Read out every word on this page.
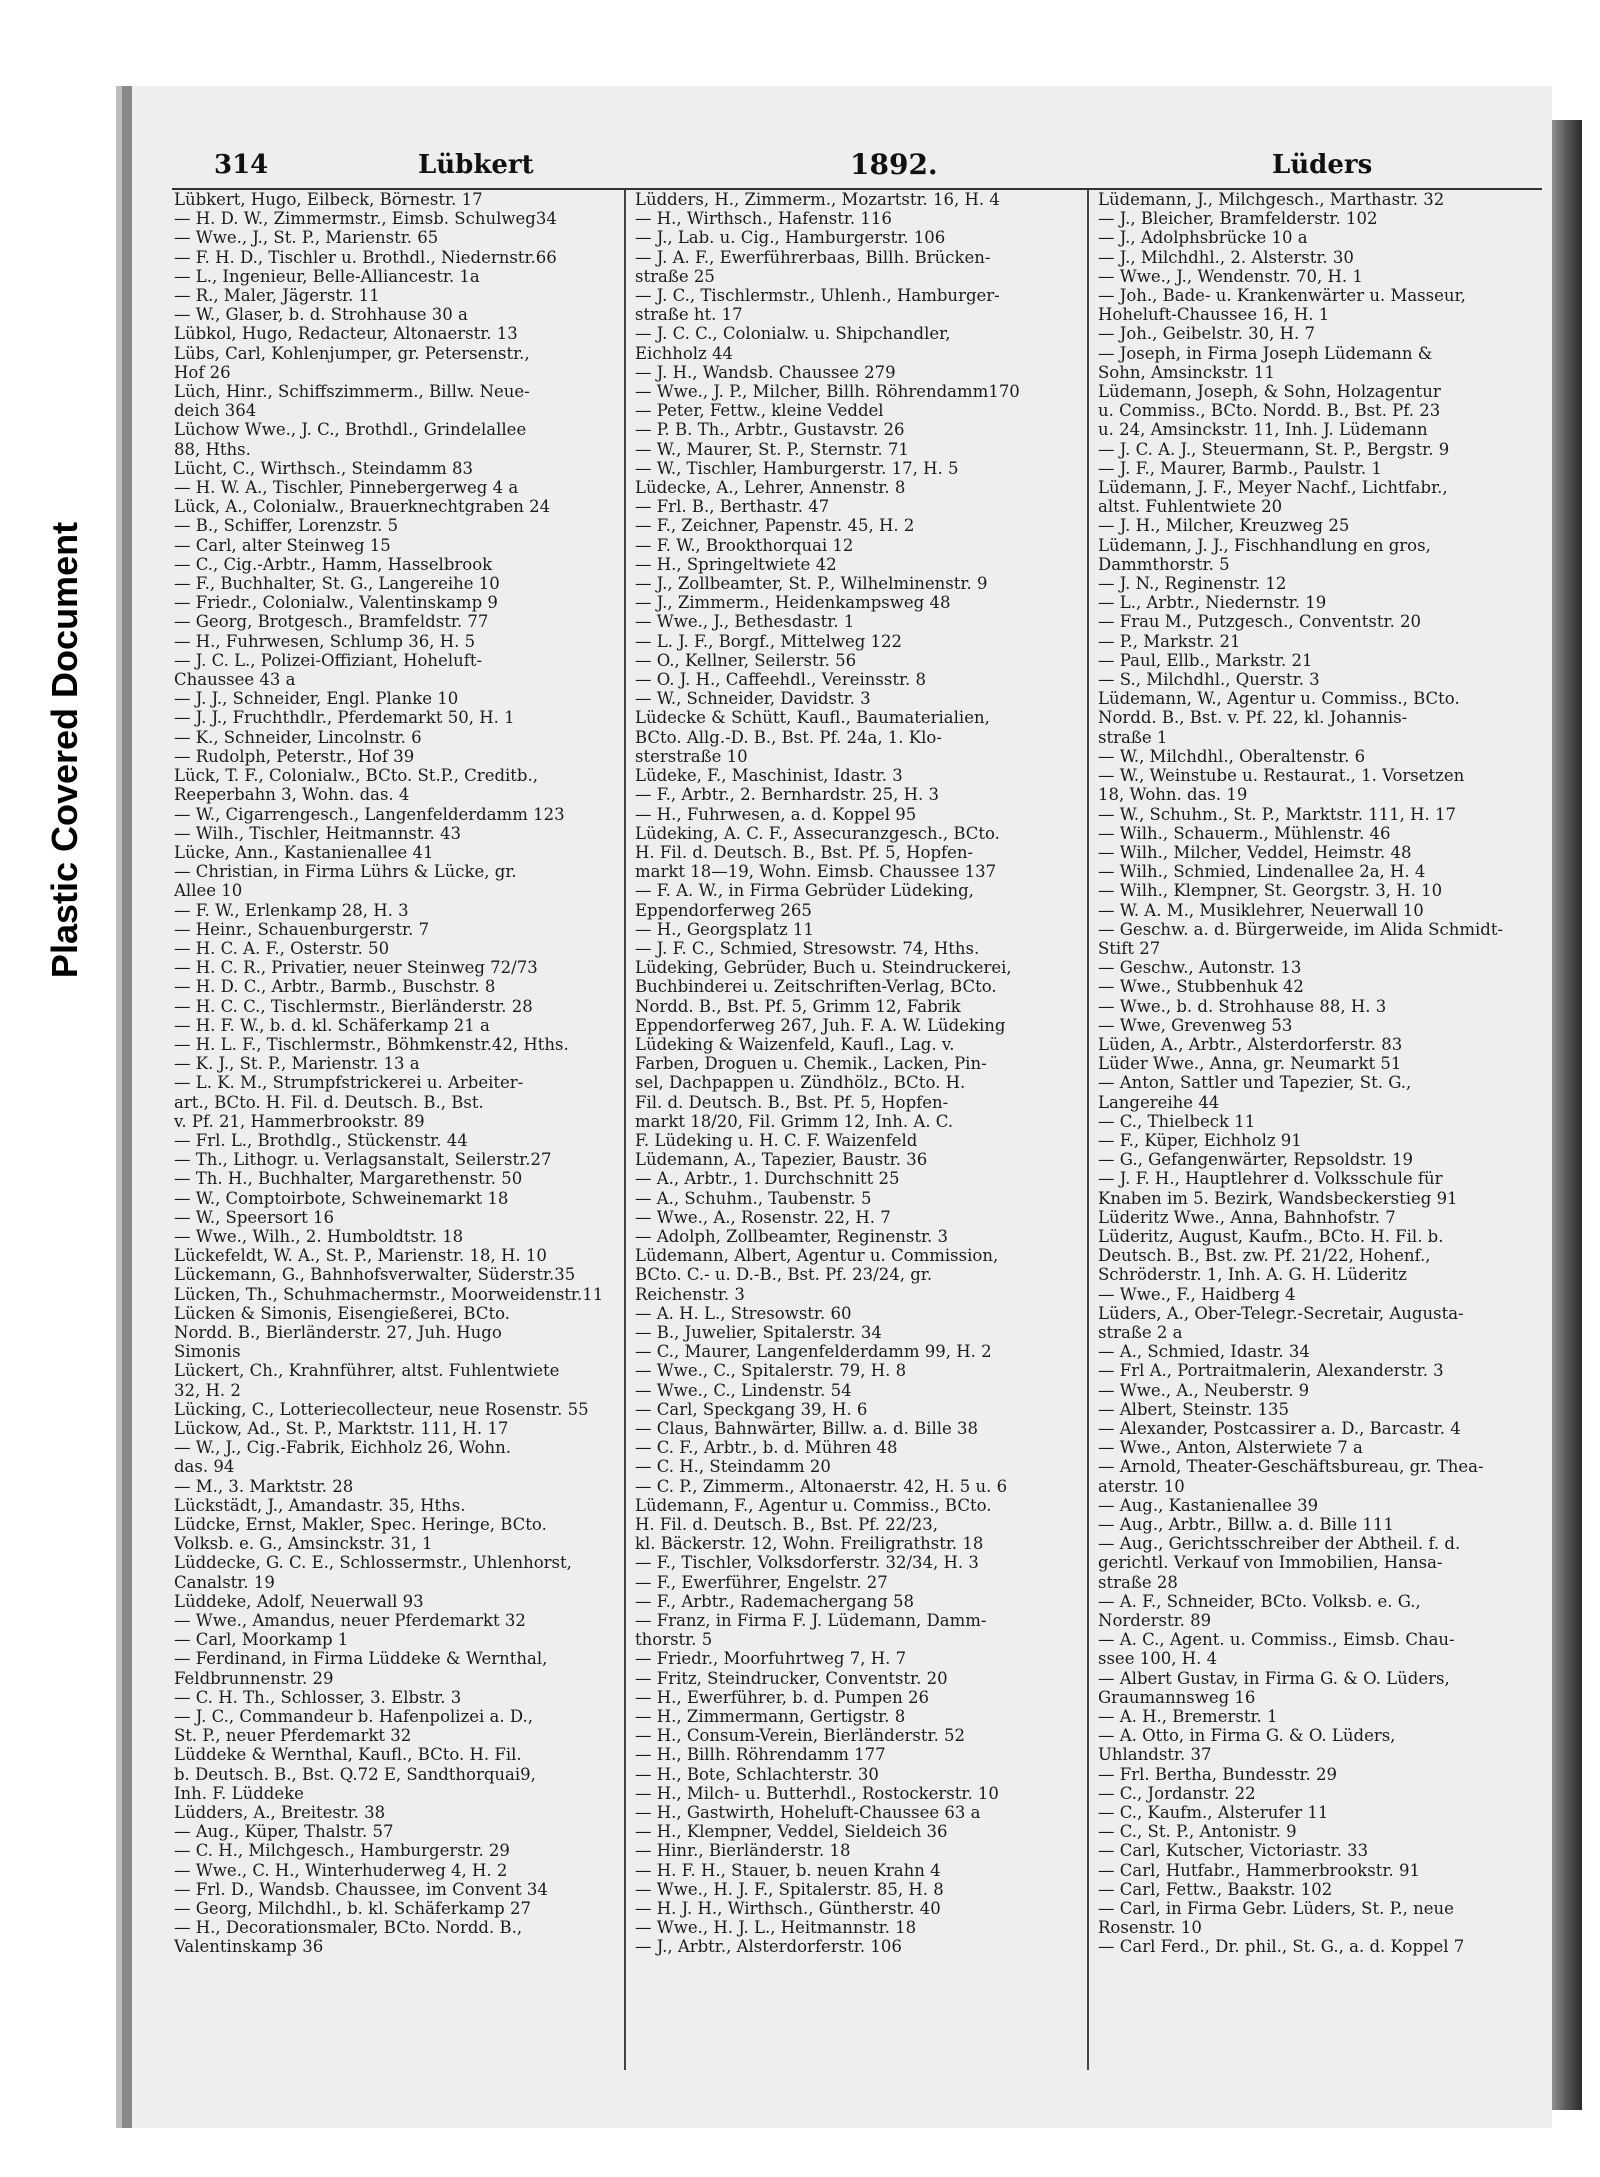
Plastic Covered Document
314	Lübkert	1892.	Lüders
Lübkert, Hugo, Eilbeck, Börnestr. 17
— H. D. W., Zimmermstr., Eimsb. Schulweg34
— Wwe., J., St. P., Marienstr. 65
— F. H. D., Tischler u. Brothdl., Niedernstr.66
— L., Ingenieur, Belle-Alliancestr. 1a
— R., Maler, Jägerstr. 11
— W., Glaser, b. d. Strohhause 30 a
Lübkol, Hugo, Redacteur, Altonaerstr. 13
Lübs, Carl, Kohlenjumper, gr. Petersenstr.,
Hof 26
Lüch, Hinr., Schiffszimmerm., Billw. Neue-
deich 364
Lüchow Wwe., J. C., Brothdl., Grindelallee
88, Hths.
Lücht, C., Wirthsch., Steindamm 83
— H. W. A., Tischler, Pinnebergerweg 4 a
Lück, A., Colonialw., Brauerknechtgraben 24
— B., Schiffer, Lorenzstr. 5
— Carl, alter Steinweg 15
— C., Cig.-Arbtr., Hamm, Hasselbrook
— F., Buchhalter, St. G., Langereihe 10
— Friedr., Colonialw., Valentinskamp 9
— Georg, Brotgesch., Bramfeldstr. 77
— H., Fuhrwesen, Schlump 36, H. 5
— J. C. L., Polizei-Offiziant, Hoheluft-
Chaussee 43 a
— J. J., Schneider, Engl. Planke 10
— J. J., Fruchthdlr., Pferdemarkt 50, H. 1
— K., Schneider, Lincolnstr. 6
— Rudolph, Peterstr., Hof 39
Lück, T. F., Colonialw., BCto. St.P., Creditb.,
Reeperbahn 3, Wohn. das. 4
— W., Cigarrengesch., Langenfelderdamm 123
— Wilh., Tischler, Heitmannstr. 43
Lücke, Ann., Kastanienallee 41
— Christian, in Firma Lührs & Lücke, gr.
Allee 10
— F. W., Erlenkamp 28, H. 3
— Heinr., Schauenburgerstr. 7
— H. C. A. F., Osterstr. 50
— H. C. R., Privatier, neuer Steinweg 72/73
— H. D. C., Arbtr., Barmb., Buschstr. 8
— H. C. C., Tischlermstr., Bierländerstr. 28
— H. F. W., b. d. kl. Schäferkamp 21 a
— H. L. F., Tischlermstr., Böhmkenstr.42, Hths.
— K. J., St. P., Marienstr. 13 a
— L. K. M., Strumpfstrickerei u. Arbeiter-
art., BCto. H. Fil. d. Deutsch. B., Bst.
v. Pf. 21, Hammerbrookstr. 89
— Frl. L., Brothdlg., Stückenstr. 44
— Th., Lithogr. u. Verlagsanstalt, Seilerstr.27
— Th. H., Buchhalter, Margarethenstr. 50
— W., Comptoirbote, Schweinemarkt 18
— W., Speersort 16
— Wwe., Wilh., 2. Humboldtstr. 18
Lückefeldt, W. A., St. P., Marienstr. 18, H. 10
Lückemann, G., Bahnhofsverwalter, Süderstr.35
Lücken, Th., Schuhmachermstr., Moorweidenstr.11
Lücken & Simonis, Eisengießerei, BCto.
Nordd. B., Bierländerstr. 27, Juh. Hugo
Simonis
Lückert, Ch., Krahnführer, altst. Fuhlentwiete
32, H. 2
Lücking, C., Lotteriecollecteur, neue Rosenstr. 55
Lückow, Ad., St. P., Marktstr. 111, H. 17
— W., J., Cig.-Fabrik, Eichholz 26, Wohn.
das. 94
— M., 3. Marktstr. 28
Lückstädt, J., Amandastr. 35, Hths.
Lüdcke, Ernst, Makler, Spec. Heringe, BCto.
Volksb. e. G., Amsinckstr. 31, 1
Lüddecke, G. C. E., Schlossermstr., Uhlenhorst,
Canalstr. 19
Lüddeke, Adolf, Neuerwall 93
— Wwe., Amandus, neuer Pferdemarkt 32
— Carl, Moorkamp 1
— Ferdinand, in Firma Lüddeke & Wernthal,
Feldbrunnenstr. 29
— C. H. Th., Schlosser, 3. Elbstr. 3
— J. C., Commandeur b. Hafenpolizei a. D.,
St. P., neuer Pferdemarkt 32
Lüddeke & Wernthal, Kaufl., BCto. H. Fil.
b. Deutsch. B., Bst. Q.72 E, Sandthorquai9,
Inh. F. Lüddeke
Lüdders, A., Breitestr. 38
— Aug., Küper, Thalstr. 57
— C. H., Milchgesch., Hamburgerstr. 29
— Wwe., C. H., Winterhuderweg 4, H. 2
— Frl. D., Wandsb. Chaussee, im Convent 34
— Georg, Milchdhl., b. kl. Schäferkamp 27
— H., Decorationsmaler, BCto. Nordd. B.,
Valentinskamp 36
Lüdders, H., Zimmerm., Mozartstr. 16, H. 4
— H., Wirthsch., Hafenstr. 116
— J., Lab. u. Cig., Hamburgerstr. 106
— J. A. F., Ewerführerbaas, Billh. Brücken-
straße 25
— J. C., Tischlermstr., Uhlenh., Hamburger-
straße ht. 17
— J. C. C., Colonialw. u. Shipchandler,
Eichholz 44
— J. H., Wandsb. Chaussee 279
— Wwe., J. P., Milcher, Billh. Röhrendamm170
— Peter, Fettw., kleine Veddel
— P. B. Th., Arbtr., Gustavstr. 26
— W., Maurer, St. P., Sternstr. 71
— W., Tischler, Hamburgerstr. 17, H. 5
Lüdecke, A., Lehrer, Annenstr. 8
— Frl. B., Berthastr. 47
— F., Zeichner, Papenstr. 45, H. 2
— F. W., Brookthorquai 12
— H., Springeltwiete 42
— J., Zollbeamter, St. P., Wilhelminenstr. 9
— J., Zimmerm., Heidenkampsweg 48
— Wwe., J., Bethesdastr. 1
— L. J. F., Borgf., Mittelweg 122
— O., Kellner, Seilerstr. 56
— O. J. H., Caffeehdl., Vereinsstr. 8
— W., Schneider, Davidstr. 3
Lüdecke & Schütt, Kaufl., Baumaterialien,
BCto. Allg.-D. B., Bst. Pf. 24a, 1. Klo-
sterstraße 10
Lüdeke, F., Maschinist, Idastr. 3
— F., Arbtr., 2. Bernhardstr. 25, H. 3
— H., Fuhrwesen, a. d. Koppel 95
Lüdeking, A. C. F., Assecuranzgesch., BCto.
H. Fil. d. Deutsch. B., Bst. Pf. 5, Hopfen-
markt 18—19, Wohn. Eimsb. Chaussee 137
— F. A. W., in Firma Gebrüder Lüdeking,
Eppendorferweg 265
— H., Georgsplatz 11
— J. F. C., Schmied, Stresowstr. 74, Hths.
Lüdeking, Gebrüder, Buch u. Steindruckerei,
Buchbinderei u. Zeitschriften-Verlag, BCto.
Nordd. B., Bst. Pf. 5, Grimm 12, Fabrik
Eppendorferweg 267, Juh. F. A. W. Lüdeking
Lüdeking & Waizenfeld, Kaufl., Lag. v.
Farben, Droguen u. Chemik., Lacken, Pin-
sel, Dachpappen u. Zündhölz., BCto. H.
Fil. d. Deutsch. B., Bst. Pf. 5, Hopfen-
markt 18/20, Fil. Grimm 12, Inh. A. C.
F. Lüdeking u. H. C. F. Waizenfeld
Lüdemann, A., Tapezier, Baustr. 36
— A., Arbtr., 1. Durchschnitt 25
— A., Schuhm., Taubenstr. 5
— Wwe., A., Rosenstr. 22, H. 7
— Adolph, Zollbeamter, Reginenstr. 3
Lüdemann, Albert, Agentur u. Commission,
BCto. C.- u. D.-B., Bst. Pf. 23/24, gr.
Reichenstr. 3
— A. H. L., Stresowstr. 60
— B., Juwelier, Spitalerstr. 34
— C., Maurer, Langenfelderdamm 99, H. 2
— Wwe., C., Spitalerstr. 79, H. 8
— Wwe., C., Lindenstr. 54
— Carl, Speckgang 39, H. 6
— Claus, Bahnwärter, Billw. a. d. Bille 38
— C. F., Arbtr., b. d. Mühren 48
— C. H., Steindamm 20
— C. P., Zimmerm., Altonaerstr. 42, H. 5 u. 6
Lüdemann, F., Agentur u. Commiss., BCto.
H. Fil. d. Deutsch. B., Bst. Pf. 22/23,
kl. Bäckerstr. 12, Wohn. Freiligrathstr. 18
— F., Tischler, Volksdorferstr. 32/34, H. 3
— F., Ewerführer, Engelstr. 27
— F., Arbtr., Rademachergang 58
— Franz, in Firma F. J. Lüdemann, Damm-
thorstr. 5
— Friedr., Moorfuhrtweg 7, H. 7
— Fritz, Steindrucker, Conventstr. 20
— H., Ewerführer, b. d. Pumpen 26
— H., Zimmermann, Gertigstr. 8
— H., Consum-Verein, Bierländerstr. 52
— H., Billh. Röhrendamm 177
— H., Bote, Schlachterstr. 30
— H., Milch- u. Butterhdl., Rostockerstr. 10
— H., Gastwirth, Hoheluft-Chaussee 63 a
— H., Klempner, Veddel, Sieldeich 36
— Hinr., Bierländerstr. 18
— H. F. H., Stauer, b. neuen Krahn 4
— Wwe., H. J. F., Spitalerstr. 85, H. 8
— H. J. H., Wirthsch., Güntherstr. 40
— Wwe., H. J. L., Heitmannstr. 18
— J., Arbtr., Alsterdorferstr. 106
Lüdemann, J., Milchgesch., Marthastr. 32
— J., Bleicher, Bramfelderstr. 102
— J., Adolphsbrücke 10 a
— J., Milchdhl., 2. Alsterstr. 30
— Wwe., J., Wendenstr. 70, H. 1
— Joh., Bade- u. Krankenwärter u. Masseur,
Hoheluft-Chaussee 16, H. 1
— Joh., Geibelstr. 30, H. 7
— Joseph, in Firma Joseph Lüdemann &
Sohn, Amsinckstr. 11
Lüdemann, Joseph, & Sohn, Holzagentur
u. Commiss., BCto. Nordd. B., Bst. Pf. 23
u. 24, Amsinckstr. 11, Inh. J. Lüdemann
— J. C. A. J., Steuermann, St. P., Bergstr. 9
— J. F., Maurer, Barmb., Paulstr. 1
Lüdemann, J. F., Meyer Nachf., Lichtfabr.,
altst. Fuhlentwiete 20
— J. H., Milcher, Kreuzweg 25
Lüdemann, J. J., Fischhandlung en gros,
Dammthorstr. 5
— J. N., Reginenstr. 12
— L., Arbtr., Niedernstr. 19
— Frau M., Putzgesch., Conventstr. 20
— P., Markstr. 21
— Paul, Ellb., Markstr. 21
— S., Milchdhl., Querstr. 3
Lüdemann, W., Agentur u. Commiss., BCto.
Nordd. B., Bst. v. Pf. 22, kl. Johannis-
straße 1
— W., Milchdhl., Oberaltenstr. 6
— W., Weinstube u. Restaurat., 1. Vorsetzen
18, Wohn. das. 19
— W., Schuhm., St. P., Marktstr. 111, H. 17
— Wilh., Schauerm., Mühlenstr. 46
— Wilh., Milcher, Veddel, Heimstr. 48
— Wilh., Schmied, Lindenallee 2a, H. 4
— Wilh., Klempner, St. Georgstr. 3, H. 10
— W. A. M., Musiklehrer, Neuerwall 10
— Geschw. a. d. Bürgerweide, im Alida Schmidt-
Stift 27
— Geschw., Autonstr. 13
— Wwe., Stubbenhuk 42
— Wwe., b. d. Strohhause 88, H. 3
— Wwe, Grevenweg 53
Lüden, A., Arbtr., Alsterdorferstr. 83
Lüder Wwe., Anna, gr. Neumarkt 51
— Anton, Sattler und Tapezier, St. G.,
Langereihe 44
— C., Thielbeck 11
— F., Küper, Eichholz 91
— G., Gefangenwärter, Repsoldstr. 19
— J. F. H., Hauptlehrer d. Volksschule für
Knaben im 5. Bezirk, Wandsbeckerstieg 91
Lüderitz Wwe., Anna, Bahnhofstr. 7
Lüderitz, August, Kaufm., BCto. H. Fil. b.
Deutsch. B., Bst. zw. Pf. 21/22, Hohenf.,
Schröderstr. 1, Inh. A. G. H. Lüderitz
— Wwe., F., Haidberg 4
Lüders, A., Ober-Telegr.-Secretair, Augusta-
straße 2 a
— A., Schmied, Idastr. 34
— Frl A., Portraitmalerin, Alexanderstr. 3
— Wwe., A., Neuberstr. 9
— Albert, Steinstr. 135
— Alexander, Postcassirer a. D., Barcastr. 4
— Wwe., Anton, Alsterwiete 7 a
— Arnold, Theater-Geschäftsbureau, gr. Thea-
aterstr. 10
— Aug., Kastanienallee 39
— Aug., Arbtr., Billw. a. d. Bille 111
— Aug., Gerichtsschreiber der Abtheil. f. d.
gerichtl. Verkauf von Immobilien, Hansa-
straße 28
— A. F., Schneider, BCto. Volksb. e. G.,
Norderstr. 89
— A. C., Agent. u. Commiss., Eimsb. Chau-
ssee 100, H. 4
— Albert Gustav, in Firma G. & O. Lüders,
Graumannsweg 16
— A. H., Bremerstr. 1
— A. Otto, in Firma G. & O. Lüders,
Uhlandstr. 37
— Frl. Bertha, Bundesstr. 29
— C., Jordanstr. 22
— C., Kaufm., Alsterufer 11
— C., St. P., Antonistr. 9
— Carl, Kutscher, Victoriastr. 33
— Carl, Hutfabr., Hammerbrookstr. 91
— Carl, Fettw., Baakstr. 102
— Carl, in Firma Gebr. Lüders, St. P., neue
Rosenstr. 10
— Carl Ferd., Dr. phil., St. G., a. d. Koppel 7
